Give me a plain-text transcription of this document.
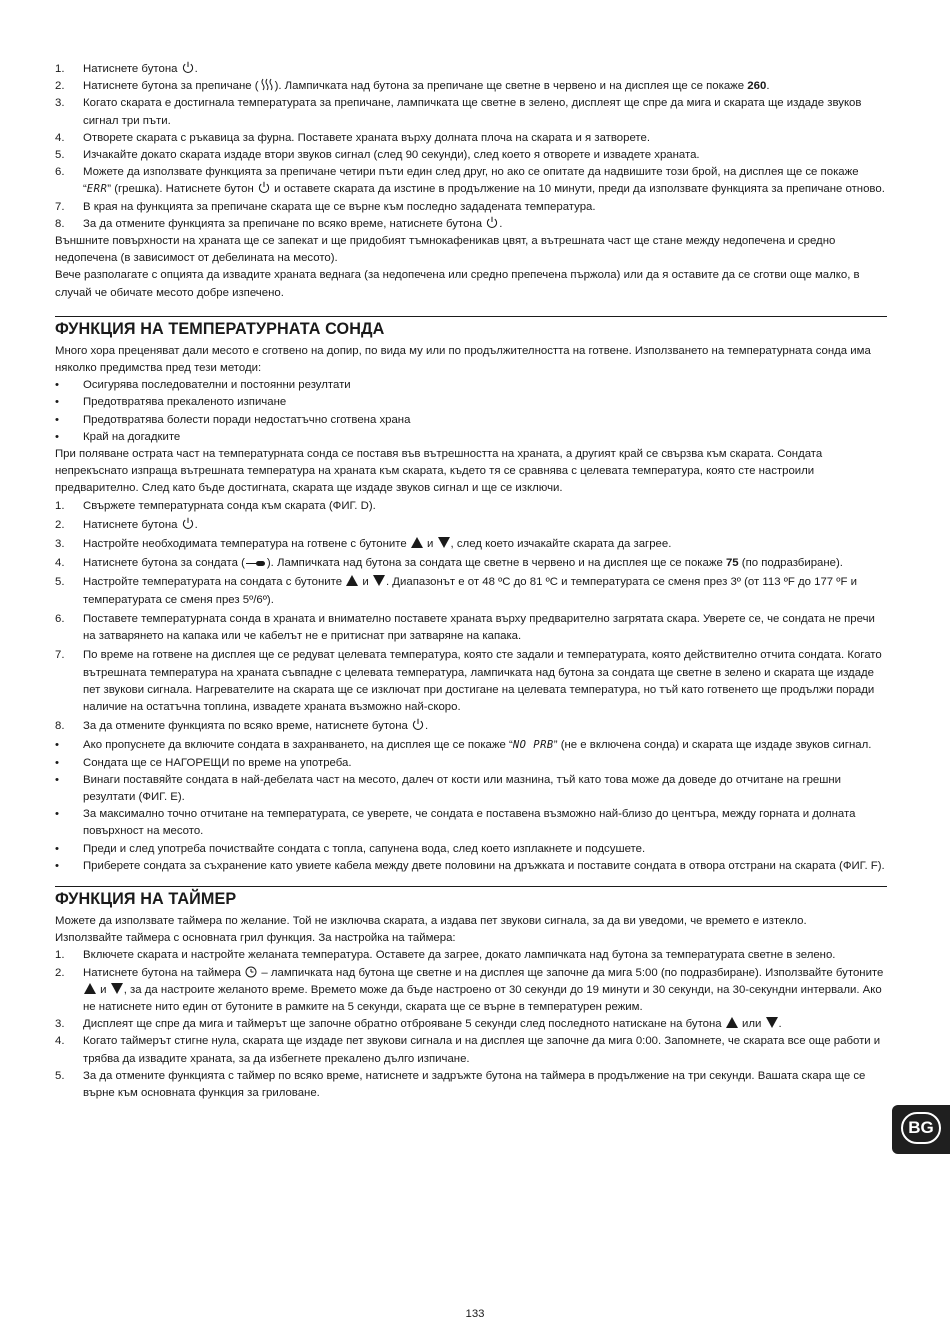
1.	Натиснете бутона .
2.	Натиснете бутона за препичане ( ). Лампичката над бутона за препичане ще светне в червено и на дисплея ще се покаже 260.
3.	Когато скарата е достигнала температурата за препичане, лампичката ще светне в зелено, дисплеят ще спре да мига и скарата ще издаде звуков сигнал три пъти.
4.	Отворете скарата с ръкавица за фурна. Поставете храната върху долната плоча на скарата и я затворете.
5.	Изчакайте докато скарата издаде втори звуков сигнал (след 90 секунди), след което я отворете и извадете храната.
6.	Можете да използвате функцията за препичане четири пъти един след друг, но ако се опитате да надвишите този брой, на дисплея ще се покаже “ERR” (грешка). Натиснете бутон  и оставете скарата да изстине в продължение на 10 минути, преди да използвате функцията за препичане отново.
7.	В края на функцията за препичане скарата ще се върне към последно зададената температура.
8.	За да отмените функцията за препичане по всяко време, натиснете бутона .

Външните повърхности на храната ще се запекат и ще придобият тъмнокафеникав цвят, а вътрешната част ще стане между недопечена и средно недопечена (в зависимост от дебелината на месото).

Вече разполагате с опцията да извадите храната веднага (за недопечена или средно препечена пържола) или да я оставите да се сготви още малко, в случай че обичате месото добре изпечено.

ФУНКЦИЯ НА ТЕМПЕРАТУРНАТА СОНДА

Много хора преценяват дали месото е сготвено на допир, по вида му или по продължителността на готвене. Използването на температурната сонда има няколко предимства пред тези методи:

• Осигурява последователни и постоянни резултати
• Предотвратява прекаленото изпичане
• Предотвратява болести поради недостатъчно сготвена храна
• Край на догадките

При поляване острата част на температурната сонда се поставя във вътрешността на храната, а другият край се свързва към скарата. Сондата непрекъснато изпраща вътрешната температура на храната към скарата, където тя се сравнява с целевата температура, която сте настроили предварително. След като бъде достигната, скарата ще издаде звуков сигнал и ще се изключи.

1.	Свържете температурната сонда към скарата (ФИГ. D).
2.	Натиснете бутона .
3.	Настройте необходимата температура на готвене с бутоните  и , след което изчакайте скарата да загрее.
4.	Натиснете бутона за сондата ( ). Лампичката над бутона за сондата ще светне в червено и на дисплея ще се покаже 75 (по подразбиране).
5.	Настройте температурата на сондата с бутоните  и . Диапазонът е от 48 ºC до 81 ºC и температурата се сменя през 3º (от 113 ºF до 177 ºF и температурата се сменя през 5º/6º).
6.	Поставете температурната сонда в храната и внимателно поставете храната върху предварително загрятата скара. Уверете се, че сондата не пречи на затварянето на капака или че кабелът не е притиснат при затваряне на капака.
7.	По време на готвене на дисплея ще се редуват целевата температура, която сте задали и температурата, която действително отчита сондата. Когато вътрешната температура на храната съвпадне с целевата температура, лампичката над бутона за сондата ще светне в зелено и скарата ще издаде пет звукови сигнала. Нагревателите на скарата ще се изключат при достигане на целевата температура, но тъй като готвенето ще продължи поради наличие на остатъчна топлина, извадете храната възможно най-скоро.
8.	За да отмените функцията по всяко време, натиснете бутона .
• Ако пропуснете да включите сондата в захранването, на дисплея ще се покаже “NO PRB” (не е включена сонда) и скарата ще издаде звуков сигнал.
• Сондата ще се НАГОРЕЩИ по време на употреба.
• Винаги поставяйте сондата в най-дебелата част на месото, далеч от кости или мазнина, тъй като това може да доведе до отчитане на грешни резултати (ФИГ. E).
• За максимално точно отчитане на температурата, се уверете, че сондата е поставена възможно най-близо до центъра, между горната и долната повърхност на месото.
• Преди и след употреба почиствайте сондата с топла, сапунена вода, след което изплакнете и подсушете.
• Приберете сондата за съхранение като увиете кабела между двете половини на дръжката и поставите сондата в отвора отстрани на скарата (ФИГ. F).
ФУНКЦИЯ НА ТАЙМЕР

Можете да използвате таймера по желание. Той не изключва скарата, а издава пет звукови сигнала, за да ви уведоми, че времето е изтекло.

Използвайте таймера с основната грил функция. За настройка на таймера:

1.	Включете скарата и настройте желаната температура. Оставете да загрее, докато лампичката над бутона за температурата светне в зелено.
2.	Натиснете бутона на таймера  – лампичката над бутона ще светне и на дисплея ще започне да мига 5:00 (по подразбиране). Използвайте бутоните  и , за да настроите желаното време. Времето може да бъде настроено от 30 секунди до 19 минути и 30 секунди, на 30-секундни интервали. Ако не натиснете нито един от бутоните в рамките на 5 секунди, скарата ще се върне в температурен режим.
3.	Дисплеят ще спре да мига и таймерът ще започне обратно отброяване 5 секунди след последното натискане на бутона  или .
4.	Когато таймерът стигне нула, скарата ще издаде пет звукови сигнала и на дисплея ще започне да мига 0:00. Запомнете, че скарата все още работи и трябва да извадите храната, за да избегнете прекалено дълго изпичане.
5.	За да отмените функцията с таймер по всяко време, натиснете и задръжте бутона на таймера в продължение на три секунди. Вашата скара ще се върне към основната функция за гриловане.
BG
133
